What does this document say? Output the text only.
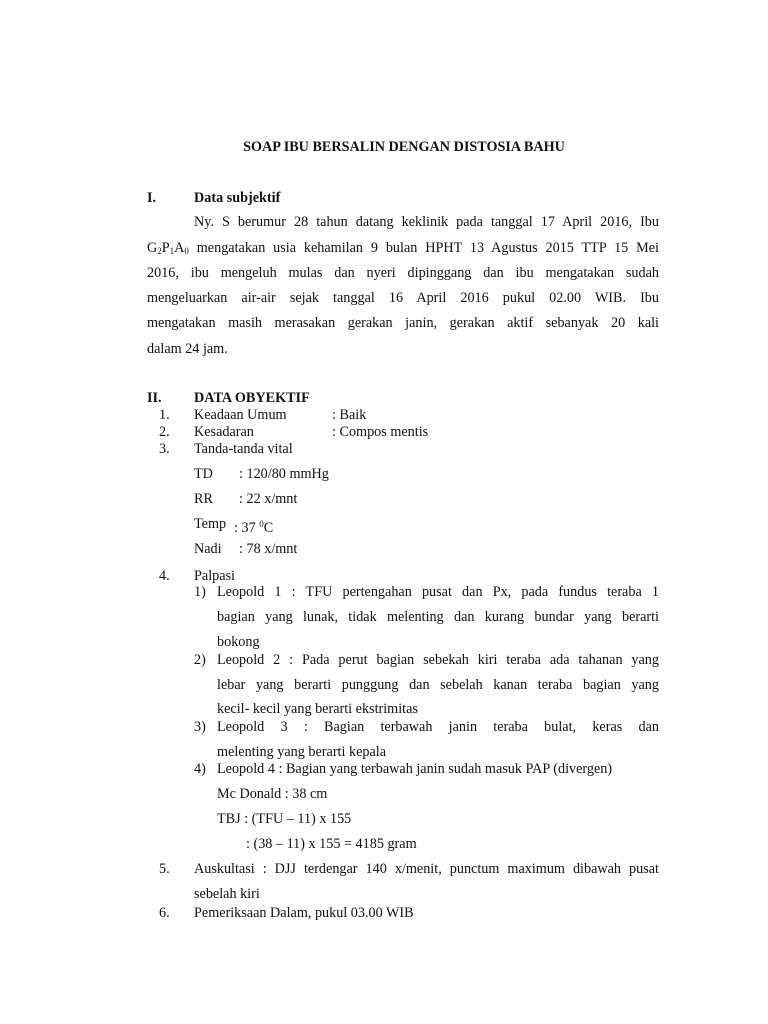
SOAP IBU BERSALIN DENGAN DISTOSIA BAHU
I.	Data subjektif
Ny. S berumur 28 tahun datang keklinik pada tanggal 17 April 2016, Ibu
$G_2P_1A_0$ mengatakan usia kehamilan 9 bulan HPHT 13 Agustus 2015 TTP 15 Mei
2016, ibu mengeluh mulas dan nyeri dipinggang dan ibu mengatakan sudah
mengeluarkan air-air sejak tanggal 16 April 2016 pukul 02.00 WIB. Ibu
mengatakan masih merasakan gerakan janin, gerakan aktif sebanyak 20 kali
dalam 24 jam.
II. DATA OBYEKTIF
1. Keadaan Umum	: Baik
2. Kesadaran	: Compos mentis
3. Tanda-tanda vital
TD : 120/80 mmHg
RR : 22 x/mnt
Temp : 37 $^0$C
Nadi : 78 x/mnt
4. Palpasi
1) Leopold 1 : TFU pertengahan pusat dan Px, pada fundus teraba 1
bagian yang lunak, tidak melenting dan kurang bundar yang berarti
bokong
2) Leopold 2 : Pada perut bagian sebekah kiri teraba ada tahanan yang
lebar yang berarti punggung dan sebelah kanan teraba bagian yang
kecil- kecil yang berarti ekstrimitas
3) Leopold 3 : Bagian terbawah janin teraba bulat, keras dan
melenting yang berarti kepala
4) Leopold 4 : Bagian yang terbawah janin sudah masuk PAP (divergen)
Mc Donald : 38 cm
TBJ : (TFU – 11) x 155
: (38 – 11) x 155 = 4185 gram
5. Auskultasi : DJJ terdengar 140 x/menit, punctum maximum dibawah pusat
sebelah kiri
6. Pemeriksaan Dalam, pukul 03.00 WIB
